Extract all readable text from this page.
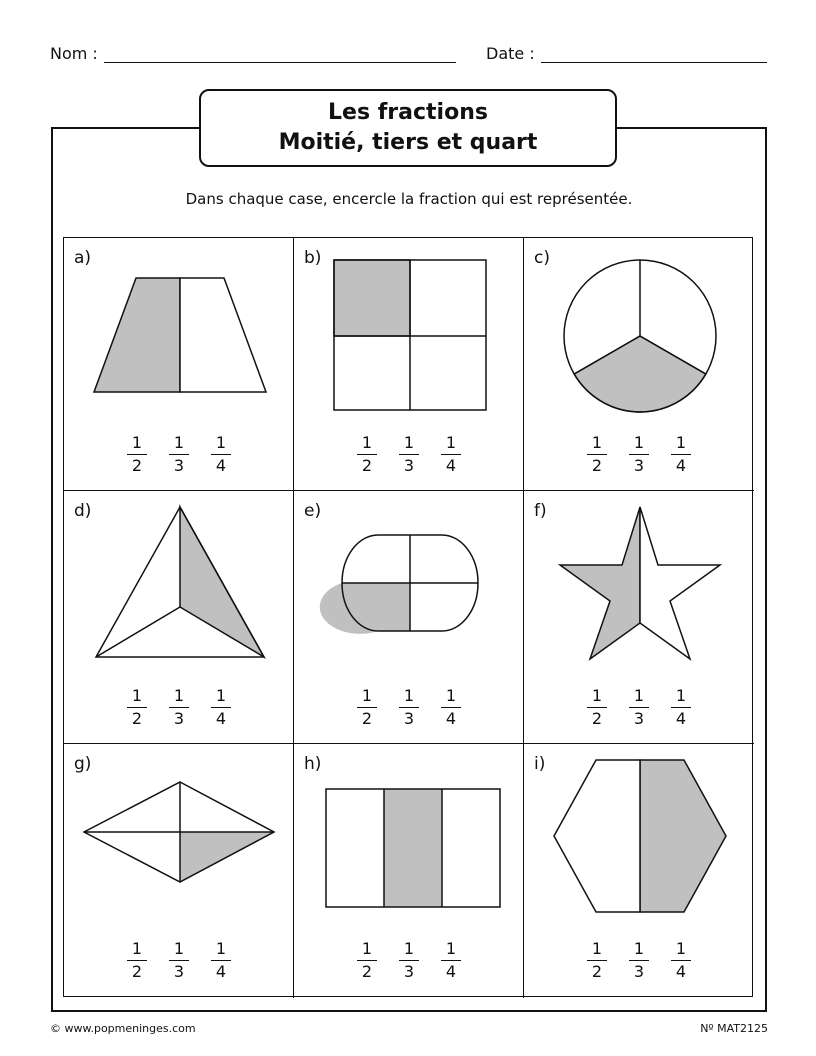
Nom :	Date :
Les fractions
Moitié, tiers et quart
Dans chaque case, encercle la fraction qui est représentée.
a)
$\frac{1}{2} \frac{1}{3} \frac{1}{4}$
b)
$\frac{1}{2} \frac{1}{3} \frac{1}{4}$
c)
$\frac{1}{2} \frac{1}{3} \frac{1}{4}$
d)
$\frac{1}{2} \frac{1}{3} \frac{1}{4}$
e)
$\frac{1}{2} \frac{1}{3} \frac{1}{4}$
f)
$\frac{1}{2} \frac{1}{3} \frac{1}{4}$
g)
$\frac{1}{2} \frac{1}{3} \frac{1}{4}$
h)
$\frac{1}{2} \frac{1}{3} \frac{1}{4}$
i)
$\frac{1}{2} \frac{1}{3} \frac{1}{4}$
© www.popmeninges.com	Nº MAT2125
